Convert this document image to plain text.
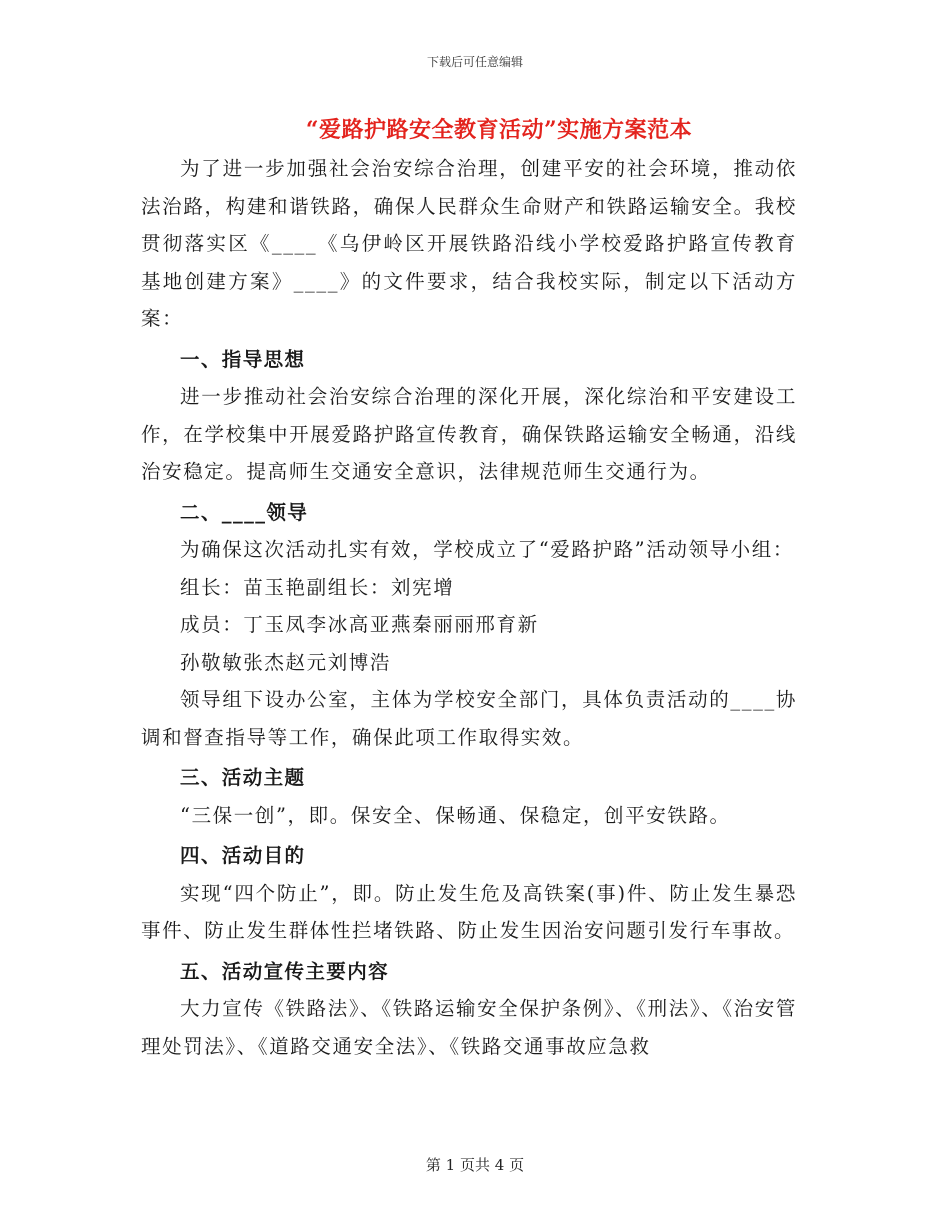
下载后可任意编辑
“爱路护路安全教育活动”实施方案范本

为了进一步加强社会治安综合治理，创建平安的社会环境，推动依法治路，构建和谐铁路，确保人民群众生命财产和铁路运输安全。我校贯彻落实区《____《乌伊岭区开展铁路沿线小学校爱路护路宣传教育基地创建方案》____》的文件要求，结合我校实际，制定以下活动方案：

一、指导思想

进一步推动社会治安综合治理的深化开展，深化综治和平安建设工作，在学校集中开展爱路护路宣传教育，确保铁路运输安全畅通，沿线治安稳定。提高师生交通安全意识，法律规范师生交通行为。

二、____领导

为确保这次活动扎实有效，学校成立了“爱路护路”活动领导小组：

组长：苗玉艳副组长：刘宪增

成员：丁玉凤李冰高亚燕秦丽丽邢育新

孙敬敏张杰赵元刘博浩

领导组下设办公室，主体为学校安全部门，具体负责活动的____协调和督查指导等工作，确保此项工作取得实效。

三、活动主题

“三保一创”，即。保安全、保畅通、保稳定，创平安铁路。

四、活动目的

实现“四个防止”，即。防止发生危及高铁案(事)件、防止发生暴恐事件、防止发生群体性拦堵铁路、防止发生因治安问题引发行车事故。

五、活动宣传主要内容

大力宣传《铁路法》、《铁路运输安全保护条例》、《刑法》、《治安管理处罚法》、《道路交通安全法》、《铁路交通事故应急救

第 1 页共 4 页
